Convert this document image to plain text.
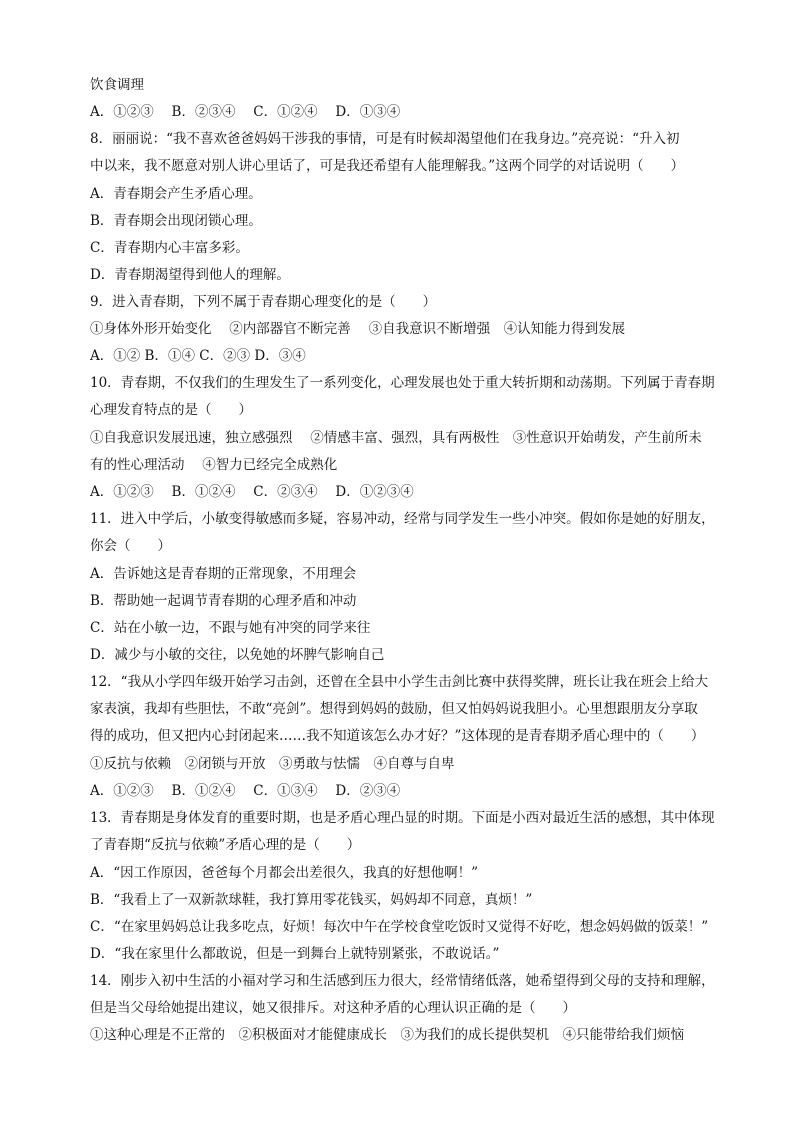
饮食调理
A．①②③　 B．②③④　 C．①②④　 D．①③④
8．丽丽说：“我不喜欢爸爸妈妈干涉我的事情，可是有时候却渴望他们在我身边。”亮亮说：“升入初
中以来，我不愿意对别人讲心里话了，可是我还希望有人能理解我。”这两个同学的对话说明（　　）
A．青春期会产生矛盾心理。
B．青春期会出现闭锁心理。
C．青春期内心丰富多彩。
D．青春期渴望得到他人的理解。
9．进入青春期，下列不属于青春期心理变化的是（　　）
①身体外形开始变化　 ②内部器官不断完善　 ③自我意识不断增强　④认知能力得到发展
A．①② B．①④ C．②③ D．③④
10．青春期，不仅我们的生理发生了一系列变化，心理发展也处于重大转折期和动荡期。下列属于青春期
心理发育特点的是（　　）
①自我意识发展迅速，独立感强烈　 ②情感丰富、强烈，具有两极性　③性意识开始萌发，产生前所未
有的性心理活动　 ④智力已经完全成熟化
A．①②③　 B．①②④　 C．②③④　 D．①②③④
11．进入中学后，小敏变得敏感而多疑，容易冲动，经常与同学发生一些小冲突。假如你是她的好朋友，
你会（　　）
A．告诉她这是青春期的正常现象，不用理会
B．帮助她一起调节青春期的心理矛盾和冲动
C．站在小敏一边，不跟与她有冲突的同学来往
D．减少与小敏的交往，以免她的坏脾气影响自己
12．“我从小学四年级开始学习击剑，还曾在全县中小学生击剑比赛中获得奖牌，班长让我在班会上给大
家表演，我却有些胆怯，不敢“亮剑”。想得到妈妈的鼓励，但又怕妈妈说我胆小。心里想跟朋友分享取
得的成功，但又把内心封闭起来……我不知道该怎么办才好？”这体现的是青春期矛盾心理中的（　　）
①反抗与依赖　②闭锁与开放　③勇敢与怯懦　④自尊与自卑
A．①②③　 B．①②④　 C．①③④　 D．②③④
13．青春期是身体发育的重要时期，也是矛盾心理凸显的时期。下面是小西对最近生活的感想，其中体现
了青春期“反抗与依赖”矛盾心理的是（　　）
A．“因工作原因，爸爸每个月都会出差很久，我真的好想他啊！”
B．“我看上了一双新款球鞋，我打算用零花钱买，妈妈却不同意，真烦！”
C．“在家里妈妈总让我多吃点，好烦！每次中午在学校食堂吃饭时又觉得不好吃，想念妈妈做的饭菜！”
D．“我在家里什么都敢说，但是一到舞台上就特别紧张，不敢说话。”
14．刚步入初中生活的小福对学习和生活感到压力很大，经常情绪低落，她希望得到父母的支持和理解，
但是当父母给她提出建议，她又很排斥。对这种矛盾的心理认识正确的是（　　）
①这种心理是不正常的　②积极面对才能健康成长　③为我们的成长提供契机　④只能带给我们烦恼
